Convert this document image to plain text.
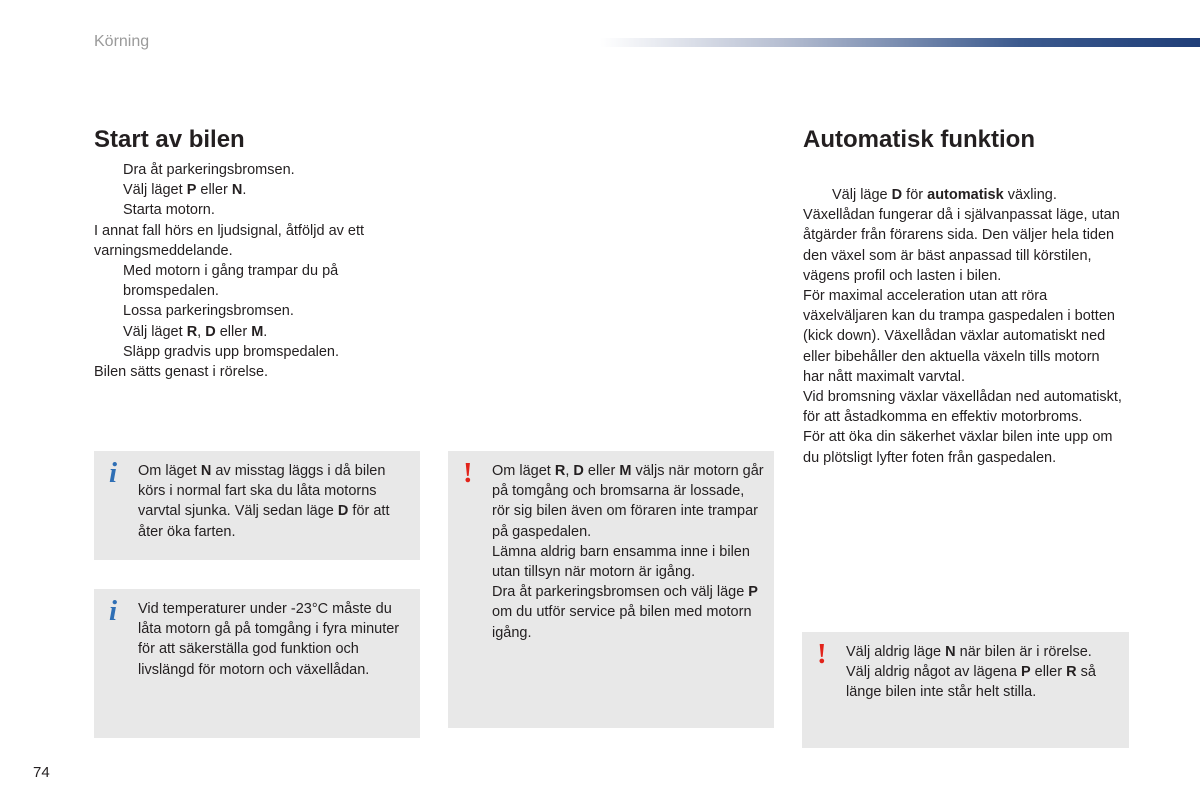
Körning
Start av bilen
Dra åt parkeringsbromsen.
Välj läget P eller N.
Starta motorn.

I annat fall hörs en ljudsignal, åtföljd av ett varningsmeddelande.

Med motorn i gång trampar du på bromspedalen.
Lossa parkeringsbromsen.
Välj läget R, D eller M.
Släpp gradvis upp bromspedalen.

Bilen sätts genast i rörelse.

Automatisk funktion
Välj läge D för automatisk växling.

Växellådan fungerar då i självanpassat läge, utan åtgärder från förarens sida. Den väljer hela tiden den växel som är bäst anpassad till körstilen, vägens profil och lasten i bilen.

För maximal acceleration utan att röra växelväljaren kan du trampa gaspedalen i botten (kick down). Växellådan växlar automatiskt ned eller bibehåller den aktuella växeln tills motorn har nått maximalt varvtal.

Vid bromsning växlar växellådan ned automatiskt, för att åstadkomma en effektiv motorbroms.

För att öka din säkerhet växlar bilen inte upp om du plötsligt lyfter foten från gaspedalen.

i Om läget N av misstag läggs i då bilen körs i normal fart ska du låta motorns varvtal sjunka. Välj sedan läge D för att åter öka farten.
i Vid temperaturer under -23°C måste du låta motorn gå på tomgång i fyra minuter för att säkerställa god funktion och livslängd för motorn och växellådan.
! Om läget R, D eller M väljs när motorn går på tomgång och bromsarna är lossade, rör sig bilen även om föraren inte trampar på gaspedalen.
Lämna aldrig barn ensamma inne i bilen utan tillsyn när motorn är igång.
Dra åt parkeringsbromsen och välj läge P om du utför service på bilen med motorn igång.
! Välj aldrig läge N när bilen är i rörelse.
Välj aldrig något av lägena P eller R så länge bilen inte står helt stilla.
74
